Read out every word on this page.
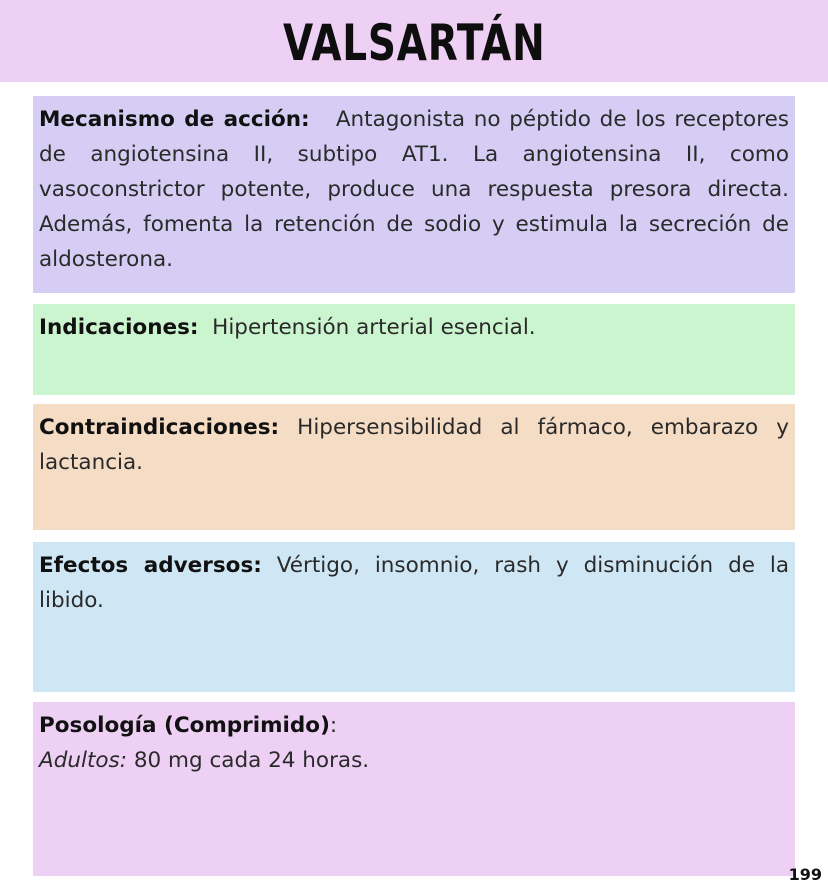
VALSARTÁN

Mecanismo de acción: Antagonista no péptido de los receptores de angiotensina II, subtipo AT1. La angiotensina II, como vasoconstrictor potente, produce una respuesta presora directa. Además, fomenta la retención de sodio y estimula la secreción de aldosterona.

Indicaciones: Hipertensión arterial esencial.

Contraindicaciones: Hipersensibilidad al fármaco, embarazo y lactancia.

Efectos adversos: Vértigo, insomnio, rash y disminución de la libido.

Posología (Comprimido):

Adultos: 80 mg cada 24 horas.

199
